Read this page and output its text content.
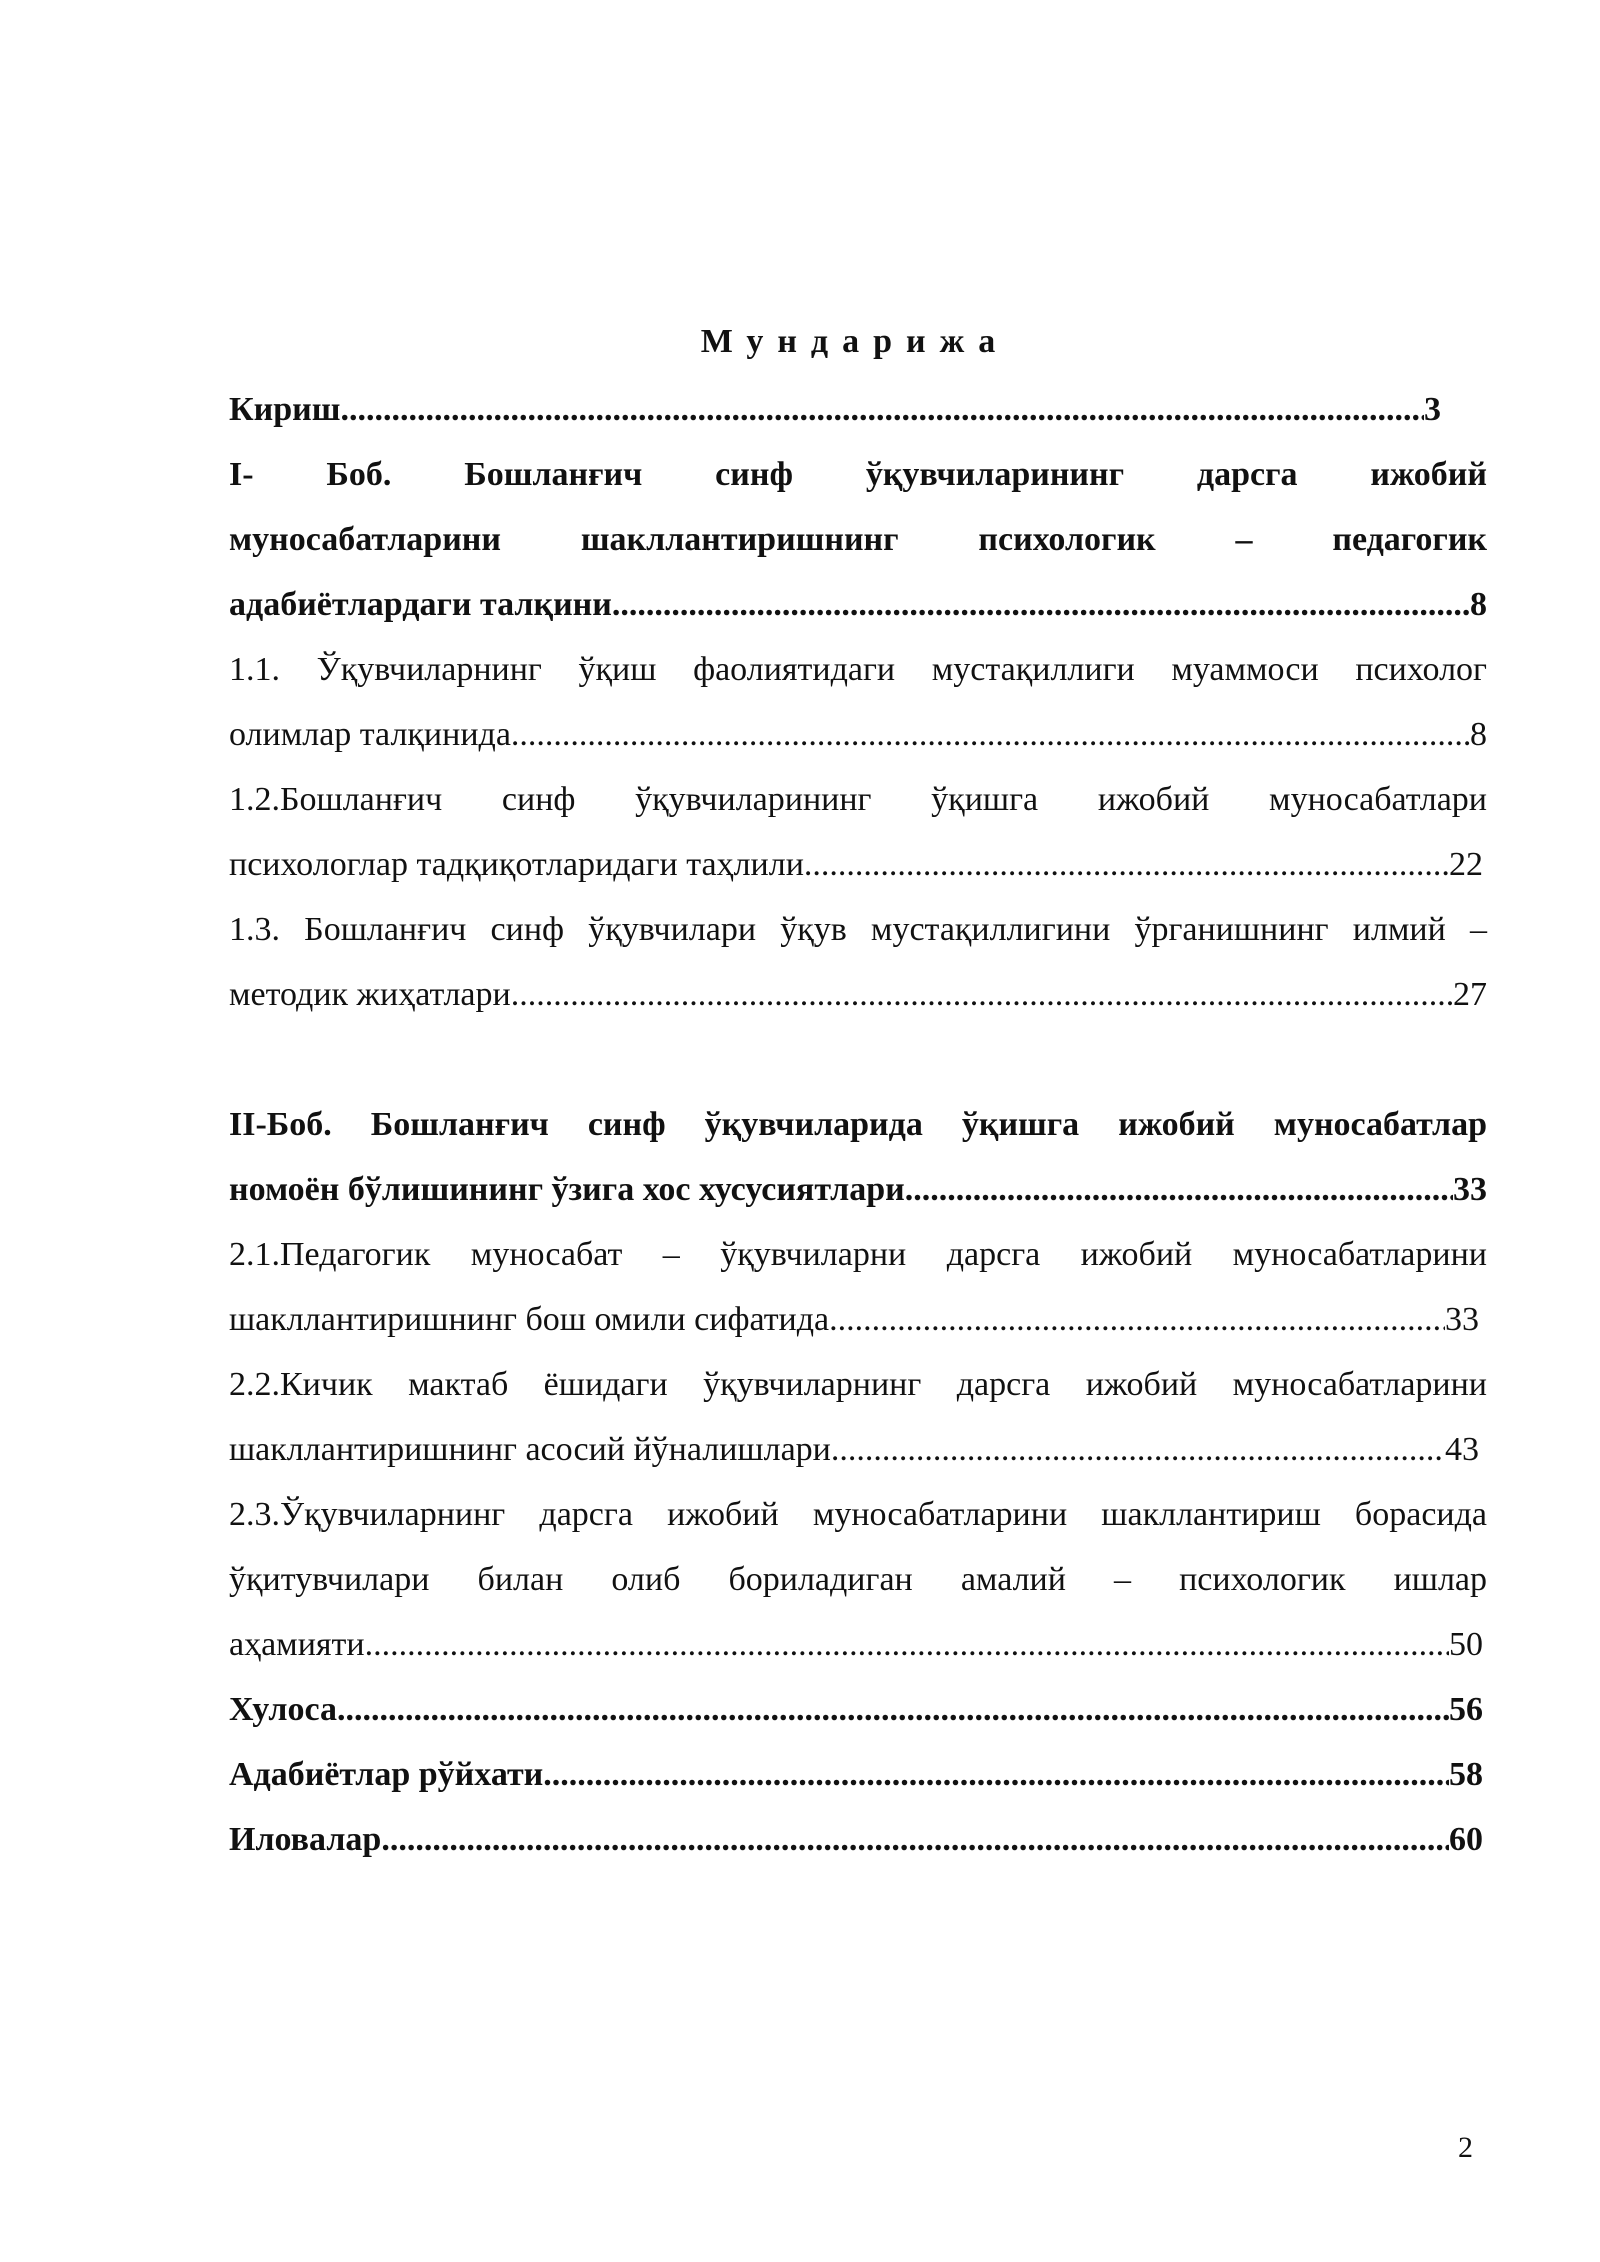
Мундарижа
Кириш .....	3
I- Боб. Бошланғич синф ўқувчиларининг дарсга ижобий
муносабатларини шакллантиришнинг психологик – педагогик
адабиётлардаги талқини .....	8
1.1. Ўқувчиларнинг ўқиш фаолиятидаги мустақиллиги муаммоси психолог
олимлар талқинида .....	8
1.2.Бошланғич синф ўқувчиларининг ўқишга ижобий муносабатлари
психологлар тадқиқотларидаги таҳлили .....	22
1.3. Бошланғич синф ўқувчилари ўқув мустақиллигини ўрганишнинг илмий –
методик жиҳатлари .....	27
II-Боб. Бошланғич синф ўқувчиларида ўқишга ижобий муносабатлар
номоён бўлишининг ўзига хос хусусиятлари .....	33
2.1.Педагогик муносабат – ўқувчиларни дарсга ижобий муносабатларини
шакллантиришнинг бош омили сифатида .....	33
2.2.Кичик мактаб ёшидаги ўқувчиларнинг дарсга ижобий муносабатларини
шакллантиришнинг асосий йўналишлари .....	43
2.3.Ўқувчиларнинг дарсга ижобий муносабатларини шакллантириш борасида
ўқитувчилари билан олиб бориладиган амалий – психологик ишлар
аҳамияти .....	50
Хулоса .....	56
Адабиётлар рўйхати .....	58
Иловалар .....	60
2
